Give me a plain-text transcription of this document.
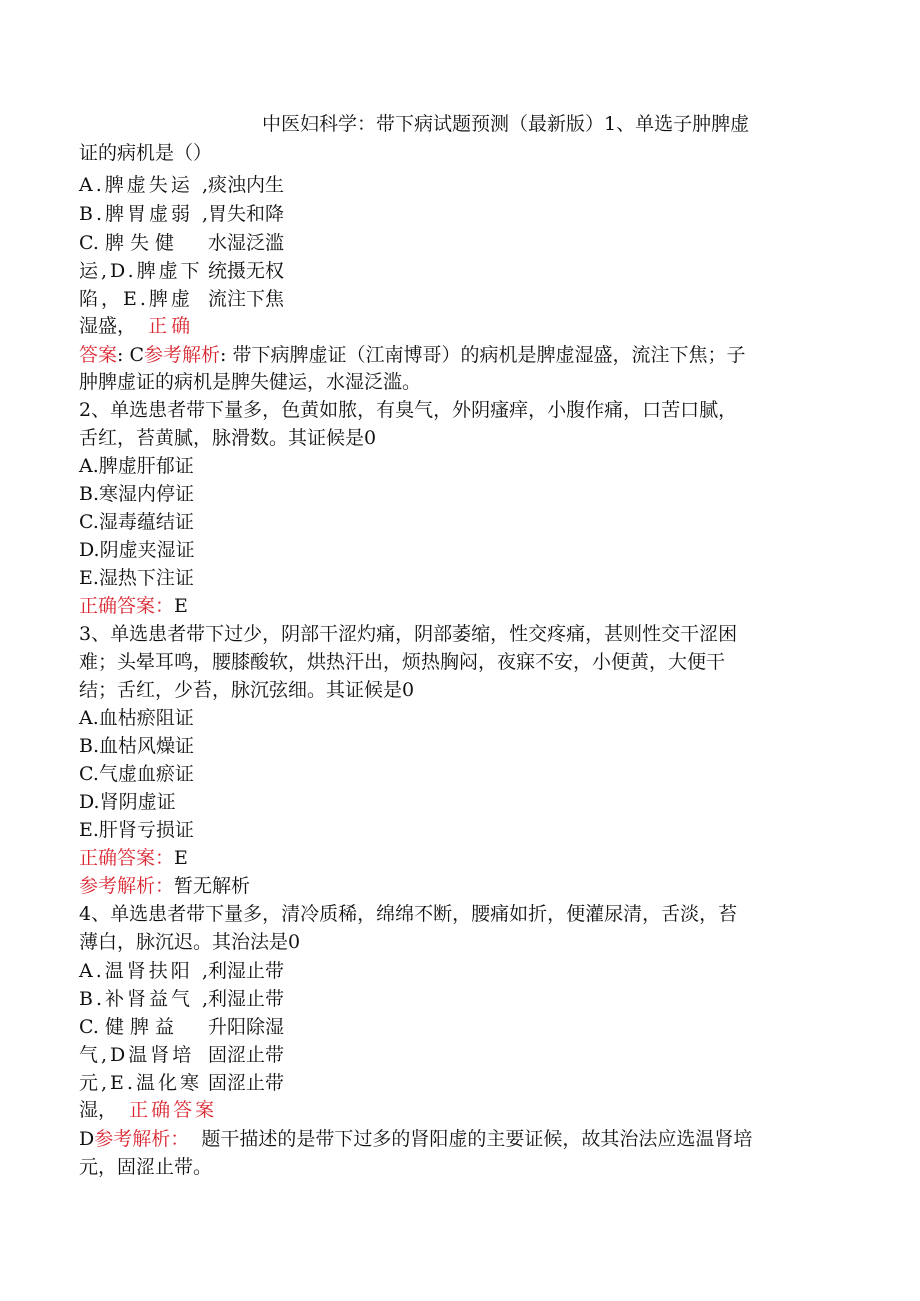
中医妇科学：带下病试题预测（最新版）1、单选子肿脾虚
证的病机是（）
A.脾虚失运 ,痰浊内生
B.脾胃虚弱 ,胃失和降
C. 脾 失 健 水湿泛滥
运,D.脾虚下 统摄无权
陷，E.脾虚 流注下焦
湿盛， 正确
答案: C参考解析: 带下病脾虚证（江南博哥）的病机是脾虚湿盛，流注下焦；子
肿脾虚证的病机是脾失健运，水湿泛滥。
2、单选患者带下量多，色黄如脓，有臭气，外阴瘙痒，小腹作痛，口苦口腻，
舌红，苔黄腻，脉滑数。其证候是0
A.脾虚肝郁证
B.寒湿内停证
C.湿毒蕴结证
D.阴虚夹湿证
E.湿热下注证
正确答案：E
3、单选患者带下过少，阴部干涩灼痛，阴部萎缩，性交疼痛，甚则性交干涩困
难；头晕耳鸣，腰膝酸软，烘热汗出，烦热胸闷，夜寐不安，小便黄，大便干
结；舌红，少苔，脉沉弦细。其证候是0
A.血枯瘀阻证
B.血枯风燥证
C.气虚血瘀证
D.肾阴虚证
E.肝肾亏损证
正确答案：E
参考解析：暂无解析
4、单选患者带下量多，清冷质稀，绵绵不断，腰痛如折，便灌尿清，舌淡，苔
薄白，脉沉迟。其治法是0
A.温肾扶阳 ,利湿止带
B.补肾益气 ,利湿止带
C. 健 脾 益 升阳除湿
气,D温肾培 固涩止带
元,E.温化寒 固涩止带
湿， 正确答案
D参考解析： 题干描述的是带下过多的肾阳虚的主要证候，故其治法应选温肾培
元，固涩止带。
